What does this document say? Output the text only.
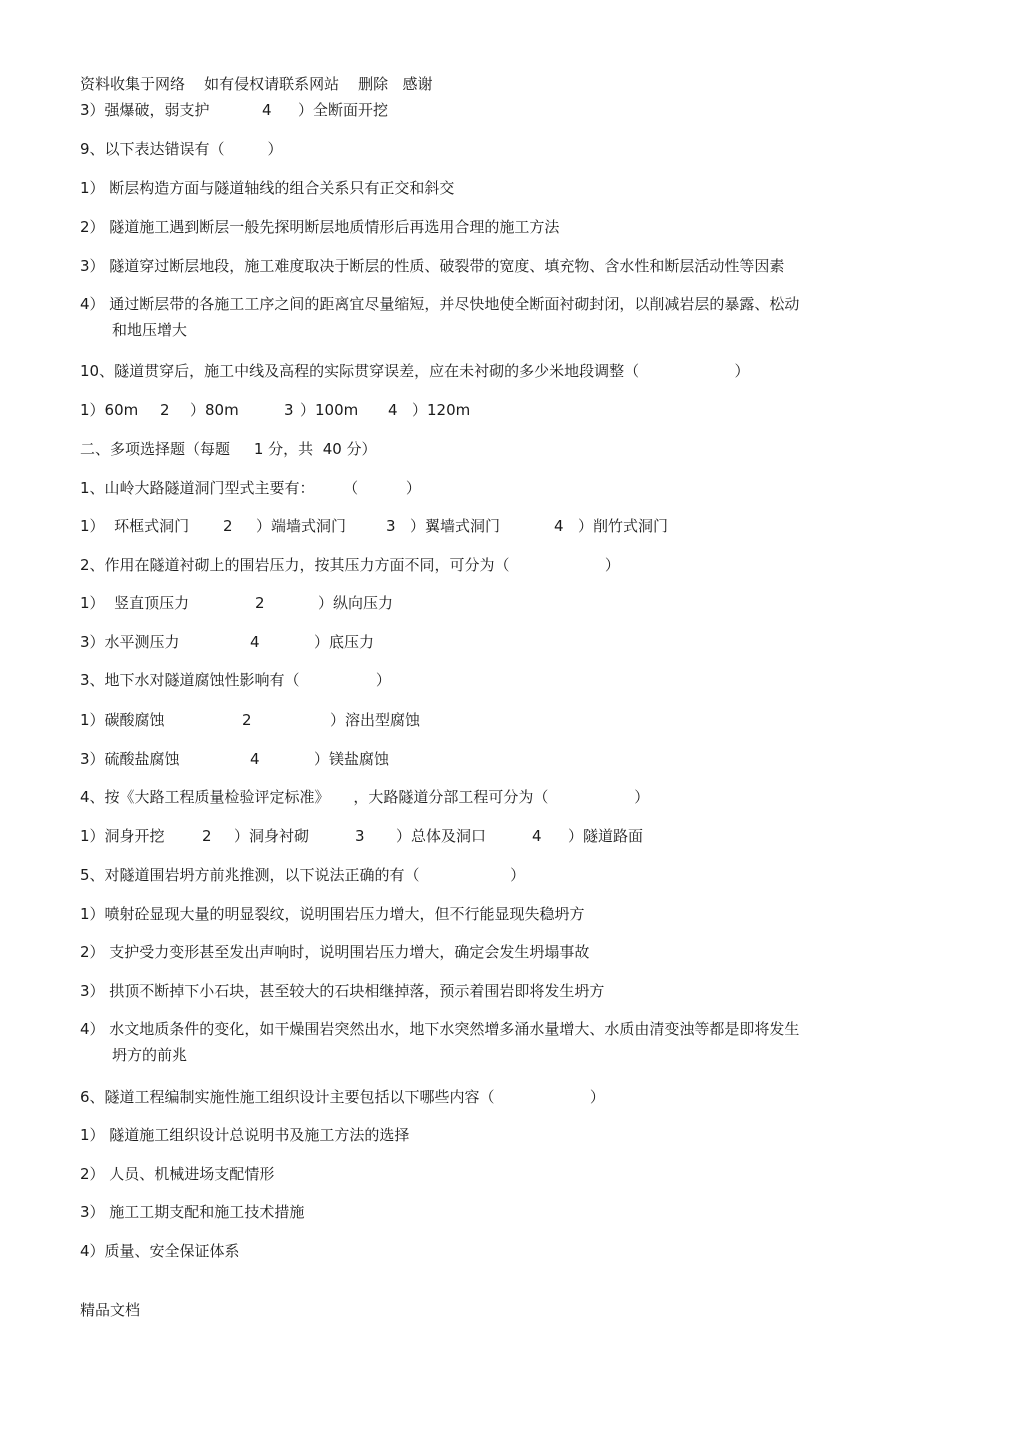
资料收集于网络    如有侵权请联系网站    删除   感谢
3）强爆破，弱支护	4 ）全断面开挖
9、以下表达错误有（         ）
1） 断层构造方面与隧道轴线的组合关系只有正交和斜交
2） 隧道施工遇到断层一般先探明断层地质情形后再选用合理的施工方法
3） 隧道穿过断层地段，施工难度取决于断层的性质、破裂带的宽度、填充物、含水性和断层活动性等因素
4） 通过断层带的各施工工序之间的距离宜尽量缩短，并尽快地使全断面衬砌封闭，以削减岩层的暴露、松动
和地压增大
10、隧道贯穿后，施工中线及高程的实际贯穿误差，应在未衬砌的多少米地段调整（                    ）
1）60m 2 ）80m	3 ）100m 4 ）120m
二、多项选择题（每题     1 分，共  40 分）
1、山岭大路隧道洞门型式主要有：      （          ）
1）  环框式洞门 2 ）端墙式洞门	3 ）翼墙式洞门	4 ）削竹式洞门
2、作用在隧道衬砌上的围岩压力，按其压力方面不同，可分为（                    ）
1）  竖直顶压力	2	）纵向压力
3）水平测压力	4	）底压力
3、地下水对隧道腐蚀性影响有（                ）
1）碳酸腐蚀	2	）溶出型腐蚀
3）硫酸盐腐蚀	4	）镁盐腐蚀
4、按《大路工程质量检验评定标准》     ，大路隧道分部工程可分为（                  ）
1）洞身开挖 2 ）洞身衬砌	3 ）总体及洞口	4 ）隧道路面
5、对隧道围岩坍方前兆推测，以下说法正确的有（                   ）
1）喷射砼显现大量的明显裂纹，说明围岩压力增大，但不行能显现失稳坍方
2） 支护受力变形甚至发出声响时，说明围岩压力增大，确定会发生坍塌事故
3） 拱顶不断掉下小石块，甚至较大的石块相继掉落，预示着围岩即将发生坍方
4） 水文地质条件的变化，如干燥围岩突然出水，地下水突然增多涌水量增大、水质由清变浊等都是即将发生
坍方的前兆
6、隧道工程编制实施性施工组织设计主要包括以下哪些内容（                    ）
1） 隧道施工组织设计总说明书及施工方法的选择
2） 人员、机械进场支配情形
3） 施工工期支配和施工技术措施
4）质量、安全保证体系
精品文档
